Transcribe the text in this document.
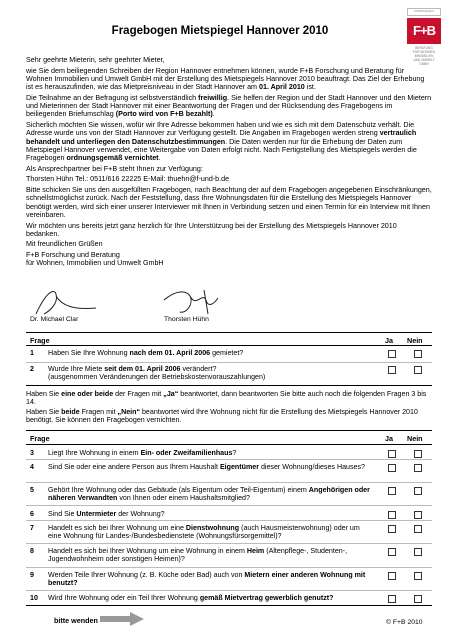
Fragebogen Mietspiegel Hannover 2010
FORSCHUNG
F+B
BERATUNG
FÜR WOHNEN
IMMOBILIEN
UND UMWELT
GMBH

Sehr geehrte Mieterin, sehr geehrter Mieter,

wie Sie dem beiliegenden Schreiben der Region Hannover entnehmen können, wurde F+B Forschung und Beratung für Wohnen Immobilien und Umwelt GmbH mit der Erstellung des Mietspiegels Hannover 2010 beauftragt. Das Ziel der Erhebung ist es herauszufinden, wie das Mietpreisniveau in der Stadt Hannover am 01. April 2010 ist.

Die Teilnahme an der Befragung ist selbstverständlich freiwillig. Sie helfen der Region und der Stadt Hannover und den Mietern und Mieterinnen der Stadt Hannover mit einer Beantwortung der Fragen und der Rücksendung des Fragebogens im beiliegenden Briefumschlag (Porto wird von F+B bezahlt).

Sicherlich möchten Sie wissen, wofür wir Ihre Adresse bekommen haben und wie es sich mit dem Datenschutz verhält. Die Adresse wurde uns von der Stadt Hannover zur Verfügung gestellt. Die Angaben im Fragebogen werden streng vertraulich behandelt und unterliegen den Datenschutzbestimmungen. Die Daten werden nur für die Erhebung der Daten zum Mietspiegel Hannover verwendet, eine Weitergabe von Daten erfolgt nicht. Nach Fertigstellung des Mietspiegels werden die Fragebogen ordnungsgemäß vernichtet.

Als Ansprechpartner bei F+B steht Ihnen zur Verfügung:

Thorsten Hühn Tel.: 0511/616 22225 E-Mail: thuehn@f-und-b.de

Bitte schicken Sie uns den ausgefüllten Fragebogen, nach Beachtung der auf dem Fragebogen angegebenen Einschränkungen, schnellstmöglichst zurück. Nach der Feststellung, dass Ihre Wohnungsdaten für die Erstellung des Mietspiegels Hannover benötigt werden, wird sich einer unserer Interviewer mit Ihnen in Verbindung setzen und einen Termin für ein Interview mit Ihnen vereinbaren.

Wir möchten uns bereits jetzt ganz herzlich für Ihre Unterstützung bei der Erstellung des Mietspiegels Hannover 2010 bedanken.

Mit freundlichen Grüßen

F+B Forschung und Beratung

für Wohnen, Immobilien und Umwelt GmbH

Dr. Michael Clar	Thorsten Hühn
Frage	Ja Nein
1 Haben Sie Ihre Wohnung nach dem 01. April 2006 gemietet?
2 Wurde Ihre Miete seit dem 01. April 2006 verändert?
(ausgenommen Veränderungen der Betriebskostenvorauszahlungen)
Haben Sie eine oder beide der Fragen mit „Ja“ beantwortet, dann beantworten Sie bitte auch noch die folgenden Fragen 3 bis 14.
Haben Sie beide Fragen mit „Nein“ beantwortet wird Ihre Wohnung nicht für die Erstellung des Mietspiegels Hannover 2010 benötigt. Sie können den Fragebogen vernichten.
Frage	Ja Nein
3 Liegt Ihre Wohnung in einem Ein- oder Zweifamilienhaus?
4 Sind Sie oder eine andere Person aus Ihrem Haushalt Eigentümer dieser Wohnung/dieses Hauses?
5 Gehört Ihre Wohnung oder das Gebäude (als Eigentum oder Teil-Eigentum) einem Angehörigen oder näheren Verwandten von Ihnen oder einem Haushaltsmitglied?
6 Sind Sie Untermieter der Wohnung?
7 Handelt es sich bei Ihrer Wohnung um eine Dienstwohnung (auch Hausmeisterwohnung) oder um eine Wohnung für Landes-/Bundesbedienstete (Wohnungsfürsorgemittel)?
8 Handelt es sich bei Ihrer Wohnung um eine Wohnung in einem Heim (Altenpflege-, Studenten-, Jugendwohnheim oder sonstigen Heimen)?
9 Werden Teile Ihrer Wohnung (z. B. Küche oder Bad) auch von Mietern einer anderen Wohnung mit benutzt?
10 Wird Ihre Wohnung oder ein Teil Ihrer Wohnung gemäß Mietvertrag gewerblich genutzt?
bitte wenden	© F+B 2010
